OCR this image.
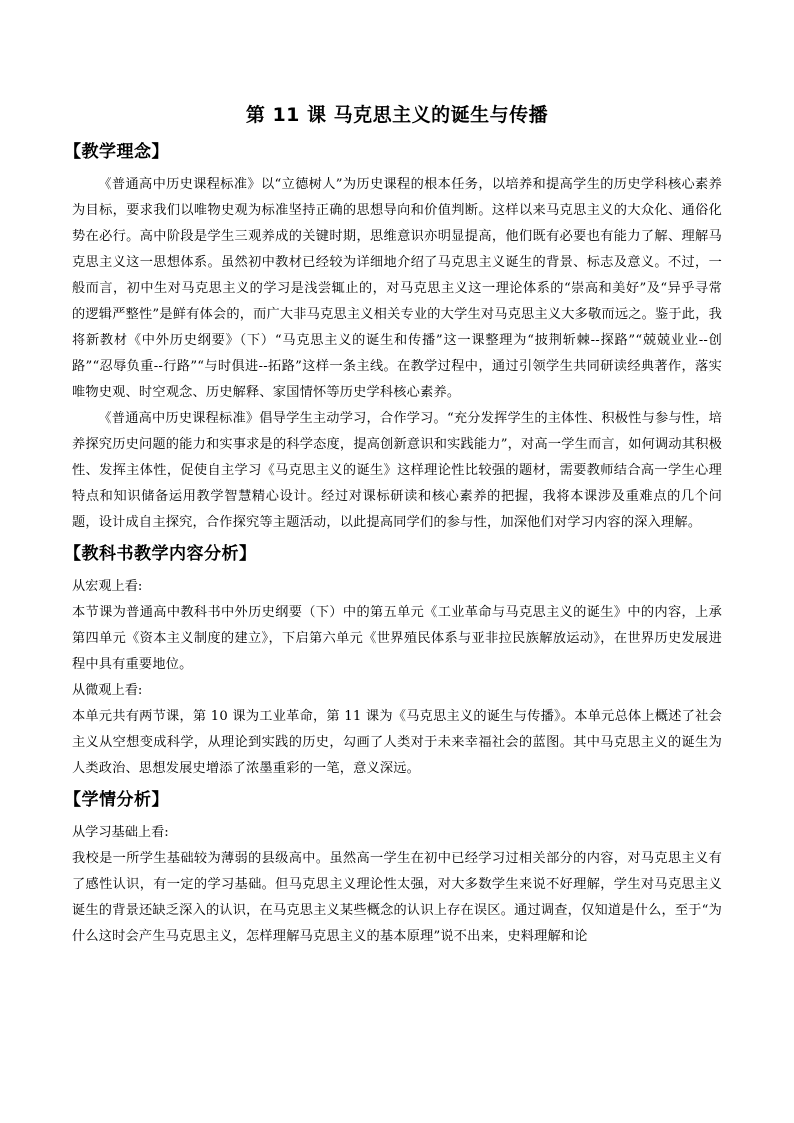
第 11 课 马克思主义的诞生与传播
【教学理念】

《普通高中历史课程标准》以“立德树人”为历史课程的根本任务，以培养和提高学生的历史学科核心素养为目标，要求我们以唯物史观为标准坚持正确的思想导向和价值判断。这样以来马克思主义的大众化、通俗化势在必行。高中阶段是学生三观养成的关键时期，思维意识亦明显提高，他们既有必要也有能力了解、理解马克思主义这一思想体系。虽然初中教材已经较为详细地介绍了马克思主义诞生的背景、标志及意义。不过，一般而言，初中生对马克思主义的学习是浅尝辄止的，对马克思主义这一理论体系的“崇高和美好”及“异乎寻常的逻辑严整性”是鲜有体会的，而广大非马克思主义相关专业的大学生对马克思主义大多敬而远之。鉴于此，我将新教材《中外历史纲要》（下）“马克思主义的诞生和传播”这一课整理为“披荆斩棘--探路”“兢兢业业--创路”“忍辱负重--行路”“与时俱进--拓路”这样一条主线。在教学过程中，通过引领学生共同研读经典著作，落实唯物史观、时空观念、历史解释、家国情怀等历史学科核心素养。

《普通高中历史课程标准》倡导学生主动学习，合作学习。“充分发挥学生的主体性、积极性与参与性，培养探究历史问题的能力和实事求是的科学态度，提高创新意识和实践能力”，对高一学生而言，如何调动其积极性、发挥主体性，促使自主学习《马克思主义的诞生》这样理论性比较强的题材，需要教师结合高一学生心理特点和知识储备运用教学智慧精心设计。经过对课标研读和核心素养的把握，我将本课涉及重难点的几个问题，设计成自主探究，合作探究等主题活动，以此提高同学们的参与性，加深他们对学习内容的深入理解。

【教科书教学内容分析】

从宏观上看:

本节课为普通高中教科书中外历史纲要（下）中的第五单元《工业革命与马克思主义的诞生》中的内容，上承第四单元《资本主义制度的建立》，下启第六单元《世界殖民体系与亚非拉民族解放运动》，在世界历史发展进程中具有重要地位。

从微观上看:

本单元共有两节课，第 10 课为工业革命，第 11 课为《马克思主义的诞生与传播》。本单元总体上概述了社会主义从空想变成科学，从理论到实践的历史，勾画了人类对于未来幸福社会的蓝图。其中马克思主义的诞生为人类政治、思想发展史增添了浓墨重彩的一笔，意义深远。

【学情分析】

从学习基础上看:

我校是一所学生基础较为薄弱的县级高中。虽然高一学生在初中已经学习过相关部分的内容，对马克思主义有了感性认识，有一定的学习基础。但马克思主义理论性太强，对大多数学生来说不好理解，学生对马克思主义诞生的背景还缺乏深入的认识，在马克思主义某些概念的认识上存在误区。通过调查，仅知道是什么，至于“为什么这时会产生马克思主义，怎样理解马克思主义的基本原理”说不出来，史料理解和论
